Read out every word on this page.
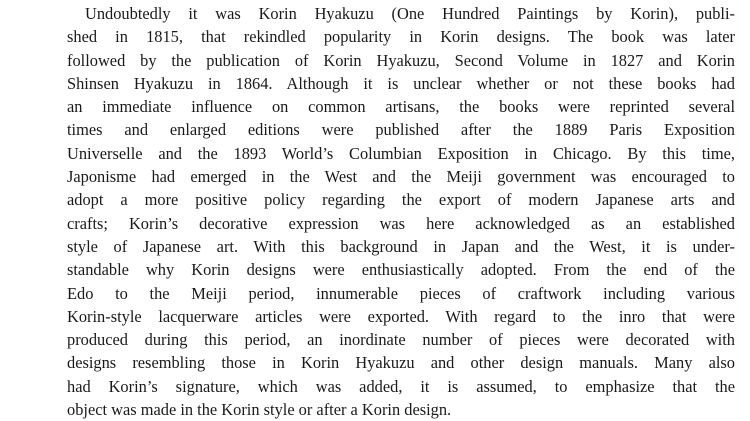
Undoubtedly it was Korin Hyakuzu (One Hundred Paintings by Korin), publi-
shed in 1815, that rekindled popularity in Korin designs. The book was later
followed by the publication of Korin Hyakuzu, Second Volume in 1827 and Korin
Shinsen Hyakuzu in 1864. Although it is unclear whether or not these books had
an immediate influence on common artisans, the books were reprinted several
times and enlarged editions were published after the 1889 Paris Exposition
Universelle and the 1893 World’s Columbian Exposition in Chicago. By this time,
Japonisme had emerged in the West and the Meiji government was encouraged to
adopt a more positive policy regarding the export of modern Japanese arts and
crafts; Korin’s decorative expression was here acknowledged as an established
style of Japanese art. With this background in Japan and the West, it is under-
standable why Korin designs were enthusiastically adopted. From the end of the
Edo to the Meiji period, innumerable pieces of craftwork including various
Korin-style lacquerware articles were exported. With regard to the inro that were
produced during this period, an inordinate number of pieces were decorated with
designs resembling those in Korin Hyakuzu and other design manuals. Many also
had Korin’s signature, which was added, it is assumed, to emphasize that the
object was made in the Korin style or after a Korin design.
